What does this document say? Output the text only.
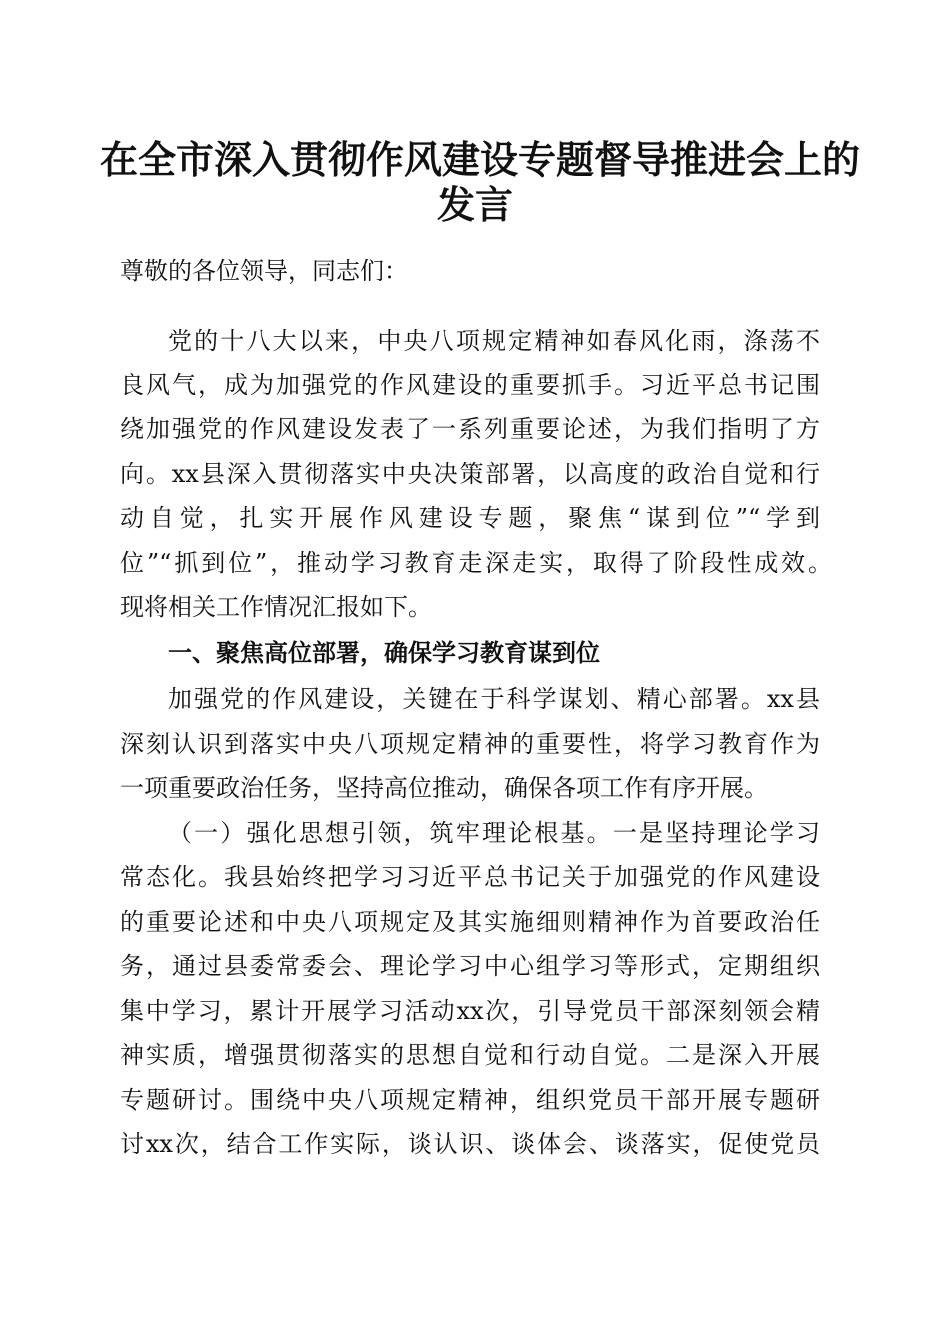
在全市深入贯彻作风建设专题督导推进会上的
发言
尊敬的各位领导，同志们：
党的十八大以来，中央八项规定精神如春风化雨，涤荡不
良风气，成为加强党的作风建设的重要抓手。习近平总书记围
绕加强党的作风建设发表了一系列重要论述，为我们指明了方
向。xx县深入贯彻落实中央决策部署，以高度的政治自觉和行
动自觉，扎实开展作风建设专题，聚焦“谋到位”“学到
位”“抓到位”，推动学习教育走深走实，取得了阶段性成效。
现将相关工作情况汇报如下。
一、聚焦高位部署，确保学习教育谋到位
加强党的作风建设，关键在于科学谋划、精心部署。xx县
深刻认识到落实中央八项规定精神的重要性，将学习教育作为
一项重要政治任务，坚持高位推动，确保各项工作有序开展。
（一）强化思想引领，筑牢理论根基。一是坚持理论学习
常态化。我县始终把学习习近平总书记关于加强党的作风建设
的重要论述和中央八项规定及其实施细则精神作为首要政治任
务，通过县委常委会、理论学习中心组学习等形式，定期组织
集中学习，累计开展学习活动xx次，引导党员干部深刻领会精
神实质，增强贯彻落实的思想自觉和行动自觉。二是深入开展
专题研讨。围绕中央八项规定精神，组织党员干部开展专题研
讨xx次，结合工作实际，谈认识、谈体会、谈落实，促使党员
